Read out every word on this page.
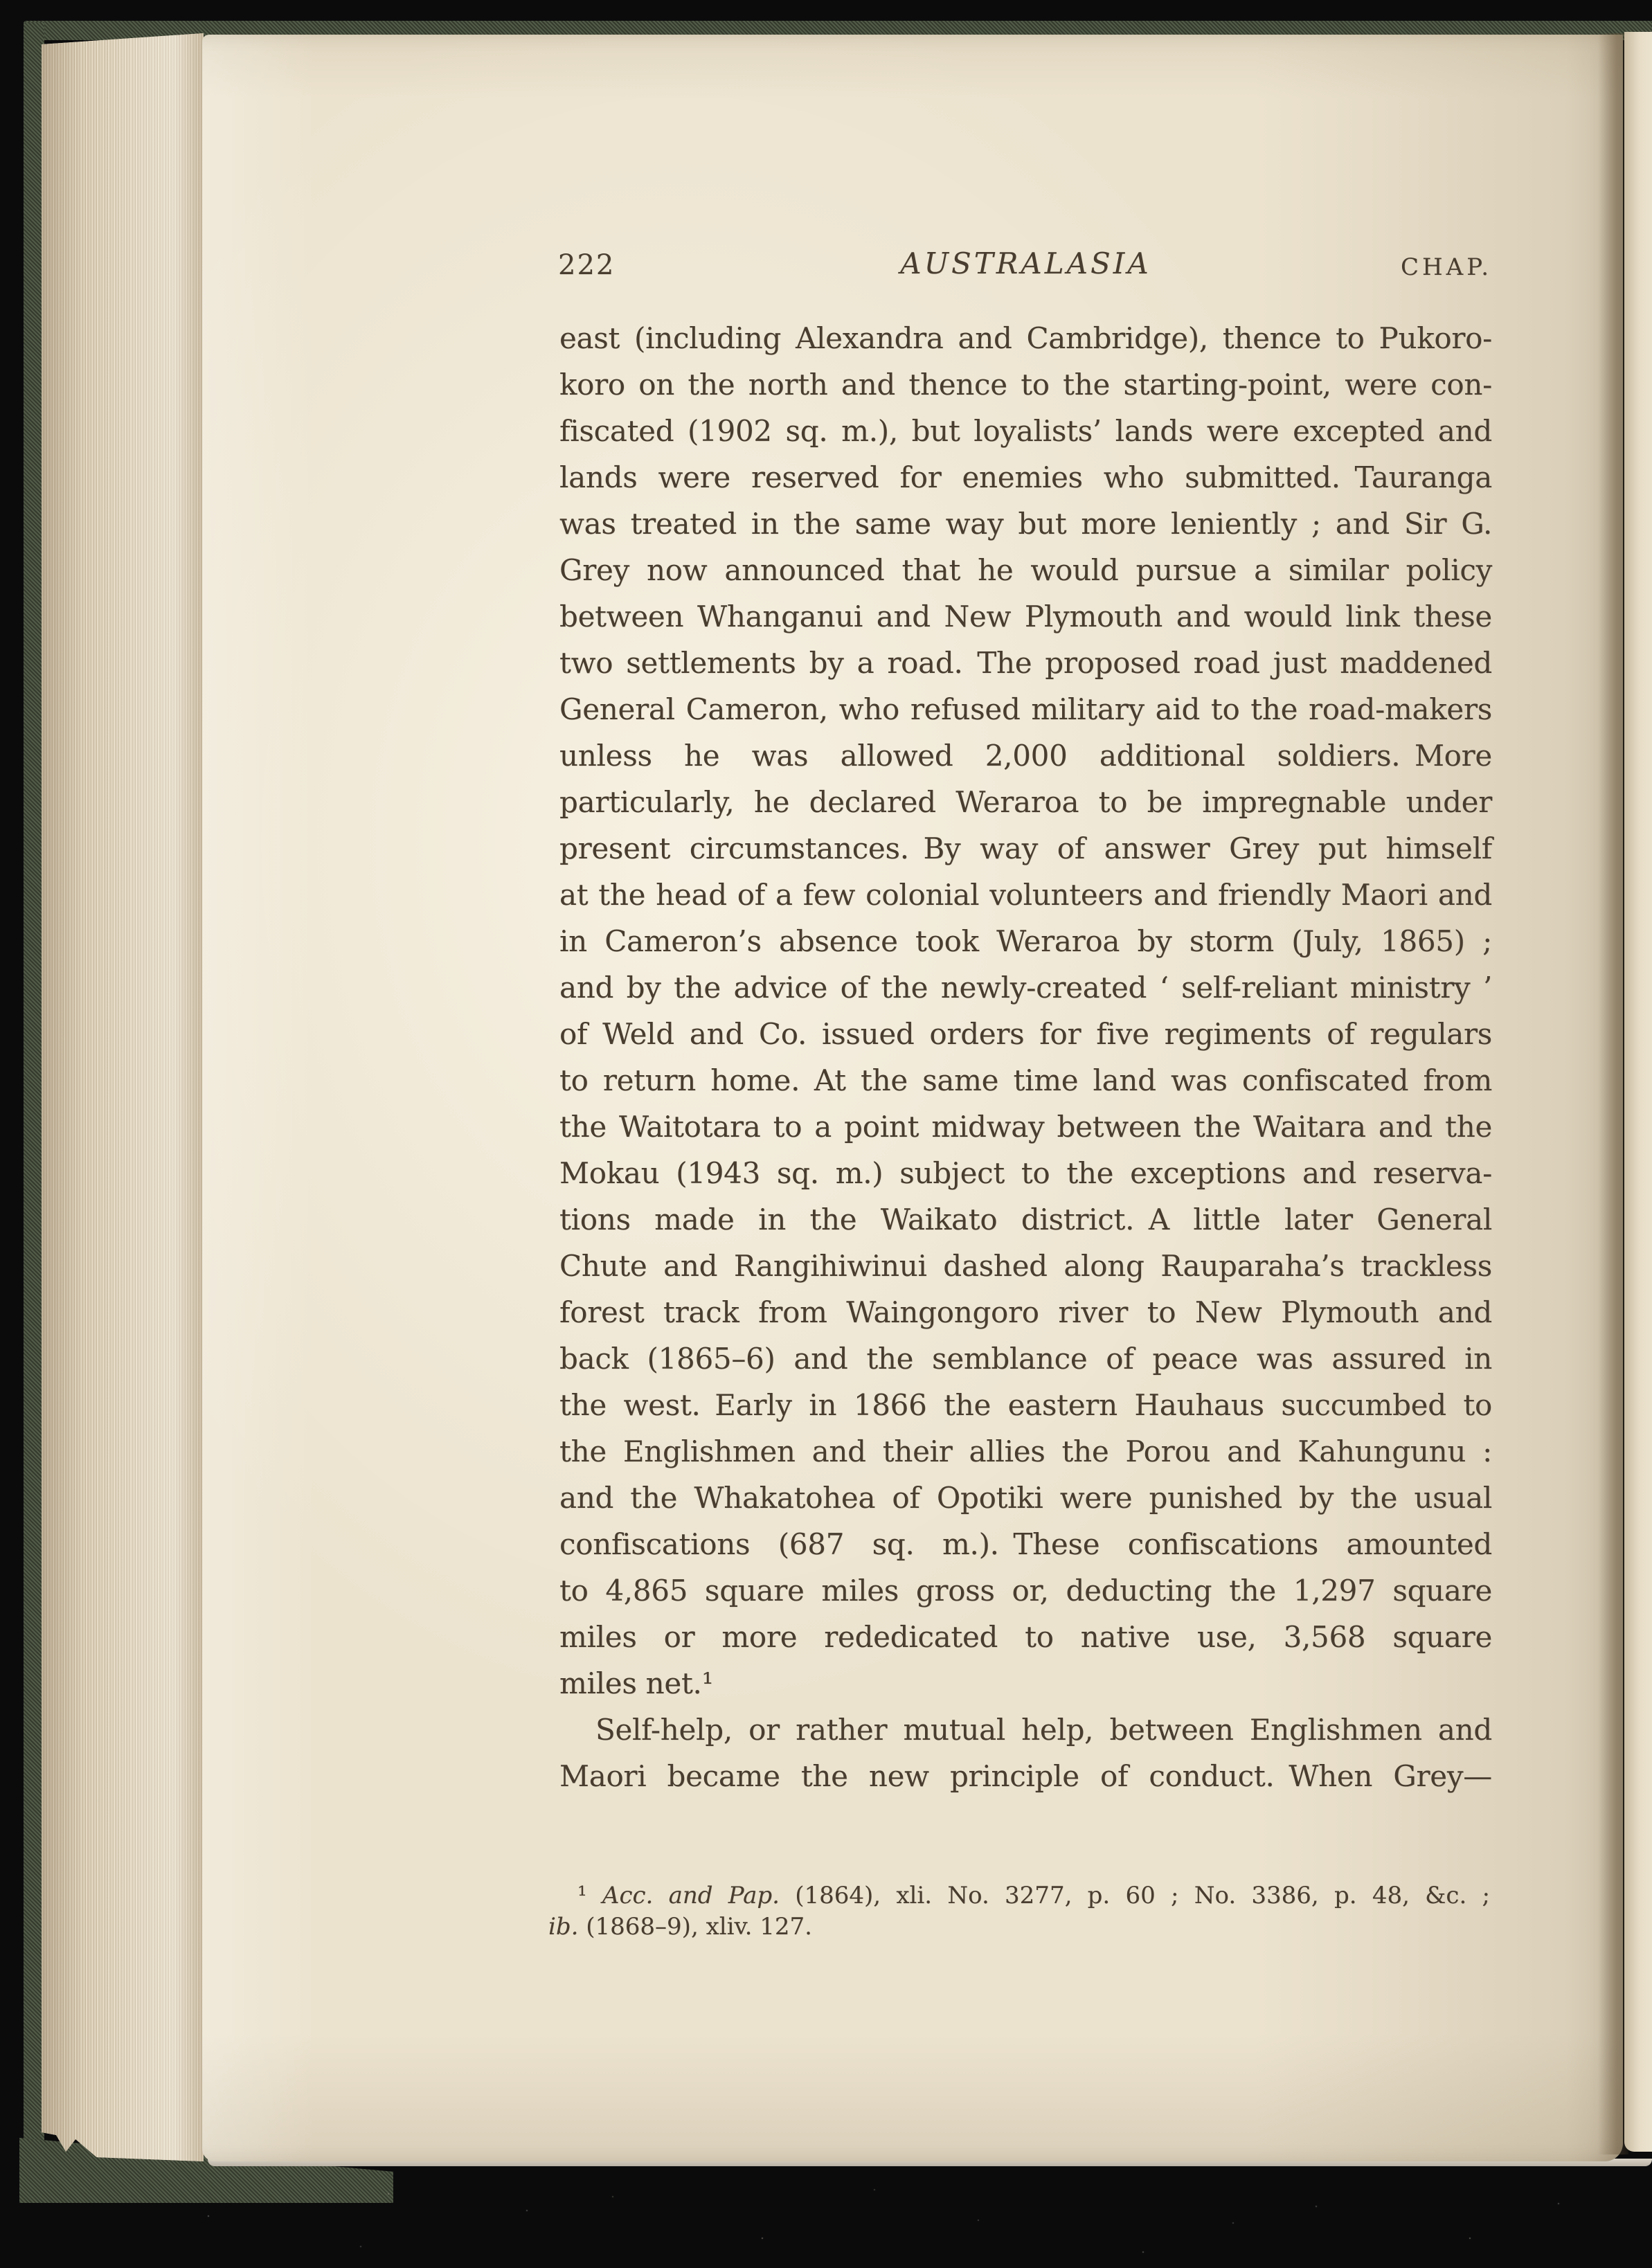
222	AUSTRALASIA	CHAP.
east (including Alexandra and Cambridge), thence to Pukoro-
koro on the north and thence to the starting-point, were con-
fiscated (1902 sq. m.), but loyalists’ lands were excepted and
lands were reserved for enemies who submitted. Tauranga
was treated in the same way but more leniently ; and Sir G.
Grey now announced that he would pursue a similar policy
between Whanganui and New Plymouth and would link these
two settlements by a road. The proposed road just maddened
General Cameron, who refused military aid to the road-makers
unless he was allowed 2,000 additional soldiers. More
particularly, he declared Weraroa to be impregnable under
present circumstances. By way of answer Grey put himself
at the head of a few colonial volunteers and friendly Maori and
in Cameron’s absence took Weraroa by storm (July, 1865) ;
and by the advice of the newly-created ‘ self-reliant ministry ’
of Weld and Co. issued orders for five regiments of regulars
to return home. At the same time land was confiscated from
the Waitotara to a point midway between the Waitara and the
Mokau (1943 sq. m.) subject to the exceptions and reserva-
tions made in the Waikato district. A little later General
Chute and Rangihiwinui dashed along Rauparaha’s trackless
forest track from Waingongoro river to New Plymouth and
back (1865–6) and the semblance of peace was assured in
the west. Early in 1866 the eastern Hauhaus succumbed to
the Englishmen and their allies the Porou and Kahungunu :
and the Whakatohea of Opotiki were punished by the usual
confiscations (687 sq. m.). These confiscations amounted
to 4,865 square miles gross or, deducting the 1,297 square
miles or more rededicated to native use, 3,568 square
miles net.¹
Self-help, or rather mutual help, between Englishmen and
Maori became the new principle of conduct. When Grey—
¹ Acc. and Pap. (1864), xli. No. 3277, p. 60 ; No. 3386, p. 48, &c. ;
ib. (1868–9), xliv. 127.
